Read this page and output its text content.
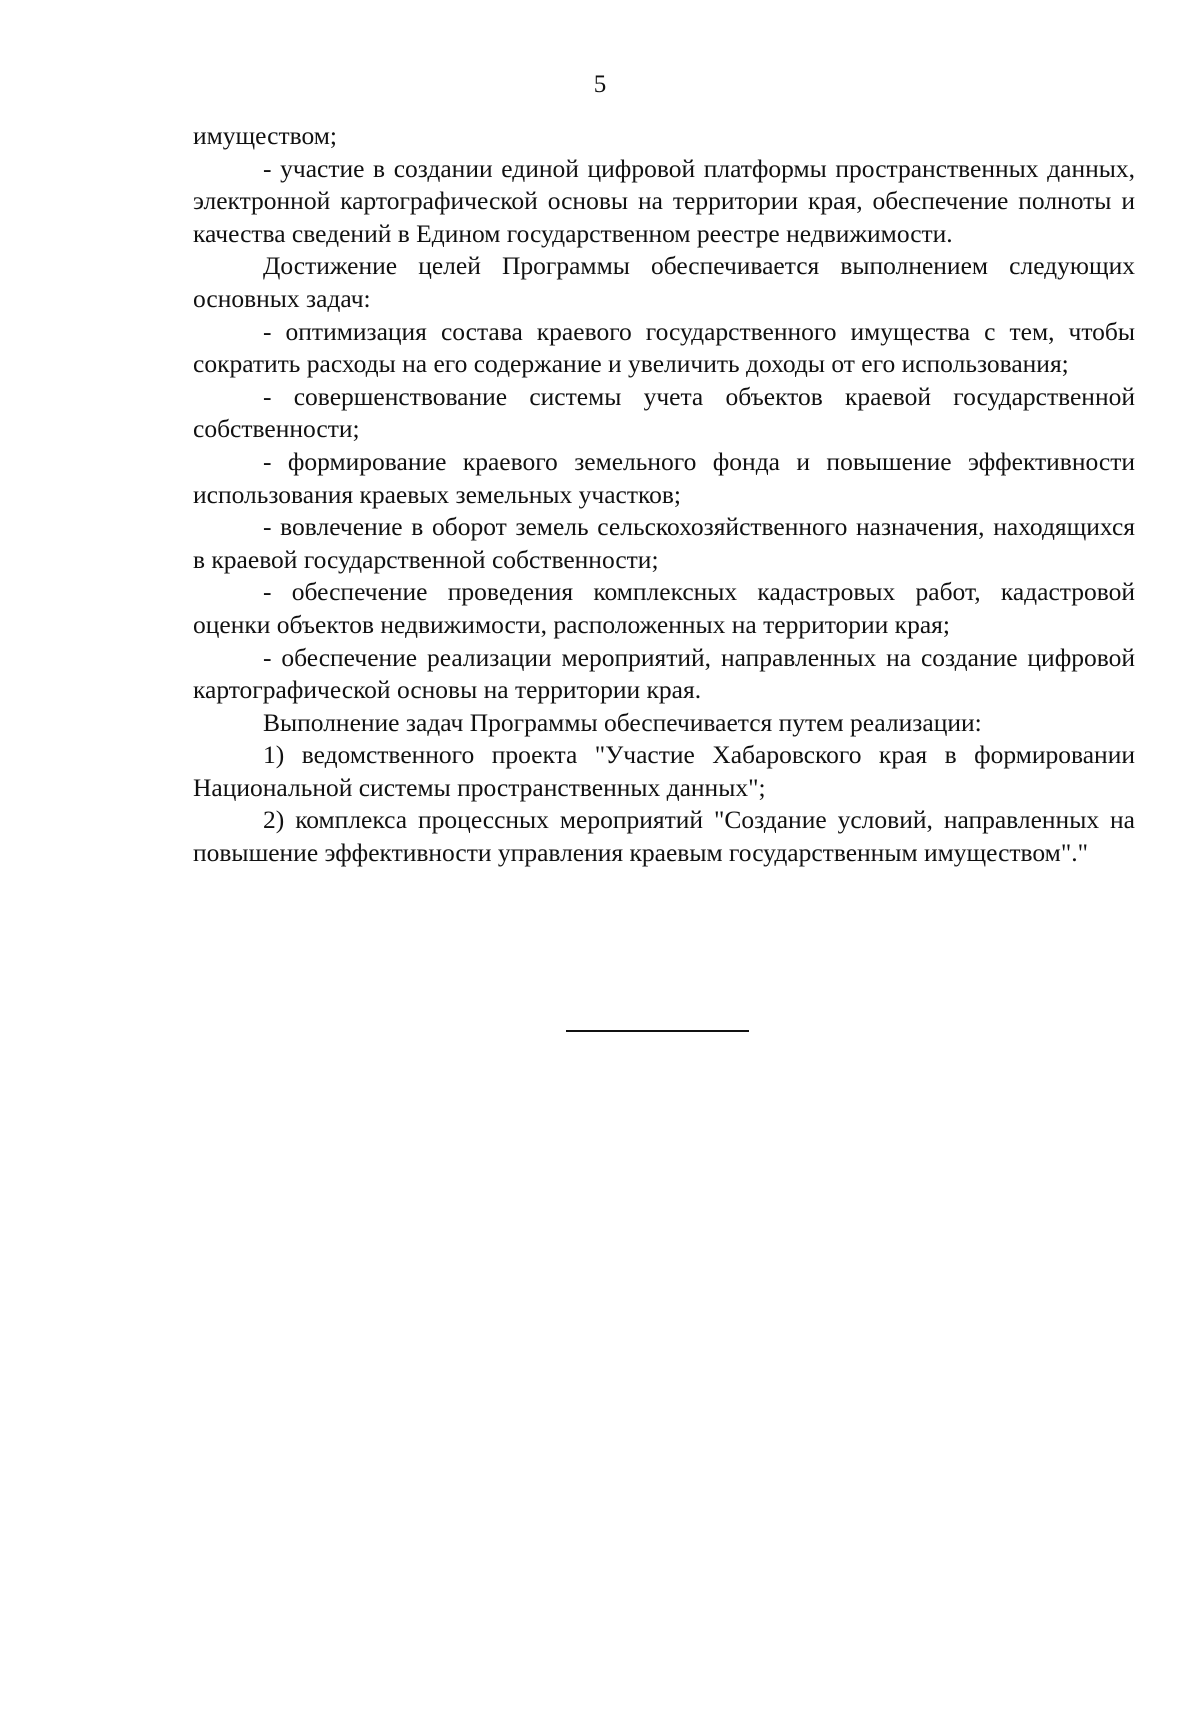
5

имуществом;

- участие в создании единой цифровой платформы пространственных данных, электронной картографической основы на территории края, обеспечение полноты и качества сведений в Едином государственном реестре недвижимости.

Достижение целей Программы обеспечивается выполнением следующих основных задач:

- оптимизация состава краевого государственного имущества с тем, чтобы сократить расходы на его содержание и увеличить доходы от его использования;

- совершенствование системы учета объектов краевой государственной собственности;

- формирование краевого земельного фонда и повышение эффективности использования краевых земельных участков;

- вовлечение в оборот земель сельскохозяйственного назначения, находящихся в краевой государственной собственности;

- обеспечение проведения комплексных кадастровых работ, кадастровой оценки объектов недвижимости, расположенных на территории края;

- обеспечение реализации мероприятий, направленных на создание цифровой картографической основы на территории края.

Выполнение задач Программы обеспечивается путем реализации:

1) ведомственного проекта "Участие Хабаровского края в формировании Национальной системы пространственных данных";

2) комплекса процессных мероприятий "Создание условий, направленных на повышение эффективности управления краевым государственным имуществом"."
